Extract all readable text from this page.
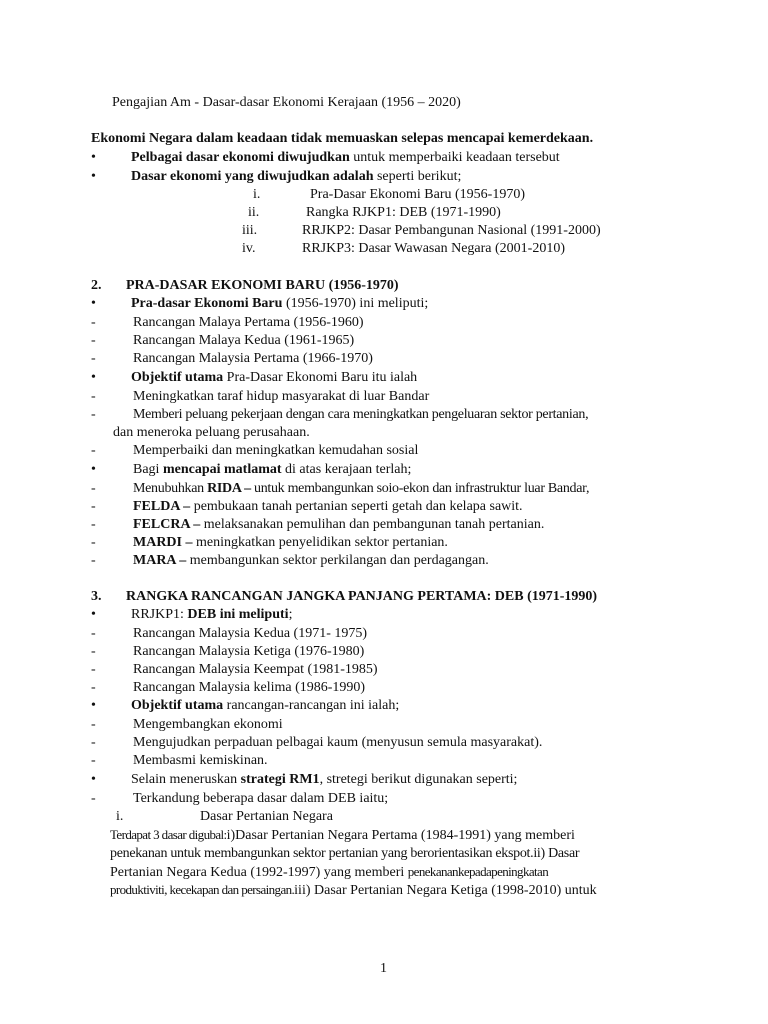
Pengajian Am - Dasar-dasar Ekonomi Kerajaan (1956 – 2020)
Ekonomi Negara dalam keadaan tidak memuaskan selepas mencapai kemerdekaan.
•	Pelbagai dasar ekonomi diwujudkan untuk memperbaiki keadaan tersebut
•	Dasar ekonomi yang diwujudkan adalah seperti berikut;
i.	Pra-Dasar Ekonomi Baru (1956-1970)
ii.	Rangka RJKP1: DEB (1971-1990)
iii.	RRJKP2: Dasar Pembangunan Nasional (1991-2000)
iv.	RRJKP3: Dasar Wawasan Negara (2001-2010)
2. PRA-DASAR EKONOMI BARU (1956-1970)
•	Pra-dasar Ekonomi Baru (1956-1970) ini meliputi;
-	Rancangan Malaya Pertama (1956-1960)
-	Rancangan Malaya Kedua (1961-1965)
-	Rancangan Malaysia Pertama (1966-1970)
•	Objektif utama Pra-Dasar Ekonomi Baru itu ialah
-	Meningkatkan taraf hidup masyarakat di luar Bandar
-	Memberi peluang pekerjaan dengan cara meningkatkan pengeluaran sektor pertanian,
dan meneroka peluang perusahaan.
-	Memperbaiki dan meningkatkan kemudahan sosial
•	Bagi mencapai matlamat di atas kerajaan terlah;
-	Menubuhkan RIDA – untuk membangunkan soio-ekon dan infrastruktur luar Bandar,
-	FELDA – pembukaan tanah pertanian seperti getah dan kelapa sawit.
-	FELCRA – melaksanakan pemulihan dan pembangunan tanah pertanian.
-	MARDI – meningkatkan penyelidikan sektor pertanian.
-	MARA – membangunkan sektor perkilangan dan perdagangan.
3. RANGKA RANCANGAN JANGKA PANJANG PERTAMA: DEB (1971-1990)
•	RRJKP1: DEB ini meliputi;
-	Rancangan Malaysia Kedua (1971- 1975)
-	Rancangan Malaysia Ketiga (1976-1980)
-	Rancangan Malaysia Keempat (1981-1985)
-	Rancangan Malaysia kelima (1986-1990)
•	Objektif utama rancangan-rancangan ini ialah;
-	Mengembangkan ekonomi
-	Mengujudkan perpaduan pelbagai kaum (menyusun semula masyarakat).
-	Membasmi kemiskinan.
•	Selain meneruskan strategi RM1, stretegi berikut digunakan seperti;
-	Terkandung beberapa dasar dalam DEB iaitu;
i.	Dasar Pertanian Negara
Terdapat 3 dasar digubal:i)Dasar Pertanian Negara Pertama (1984-1991) yang memberi
penekanan untuk membangunkan sektor pertanian yang berorientasikan ekspot.ii) Dasar
Pertanian Negara Kedua (1992-1997) yang memberi penekanankepadapeningkatan
produktiviti, kecekapan dan persaingan.iii) Dasar Pertanian Negara Ketiga (1998-2010) untuk
1
